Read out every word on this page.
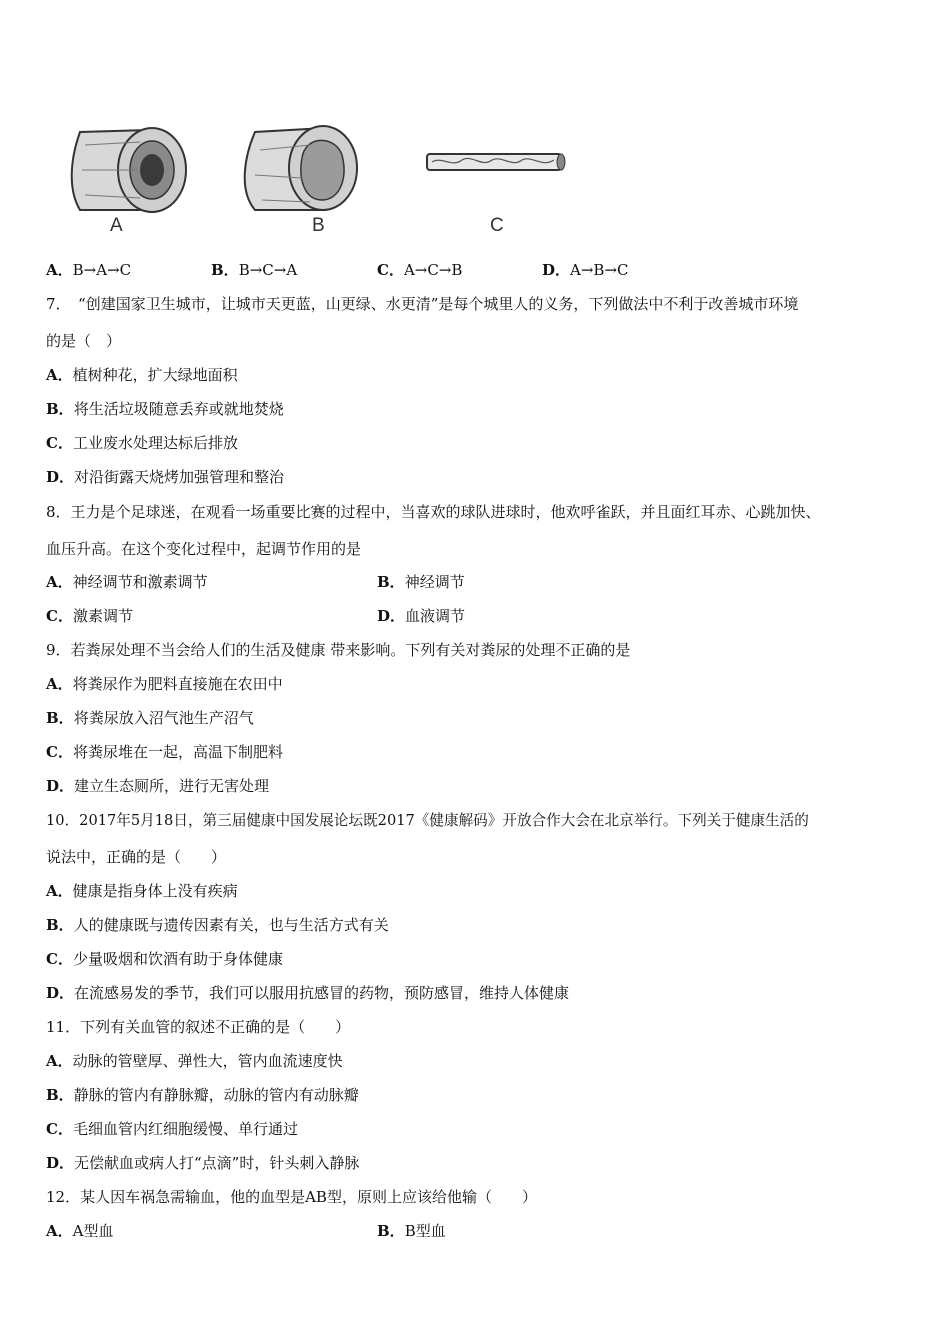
A	B	C
A．B→A→C	B．B→C→A	C．A→C→B	D．A→B→C
7．　“创建国家卫生城市，让城市天更蓝，山更绿、水更清”是每个城里人的义务，下列做法中不利于改善城市环境
的是（　）
A．植树种花，扩大绿地面积
B．将生活垃圾随意丢弃或就地焚烧
C．工业废水处理达标后排放
D．对沿街露天烧烤加强管理和整治
8．王力是个足球迷，在观看一场重要比赛的过程中，当喜欢的球队进球时，他欢呼雀跃，并且面红耳赤、心跳加快、
血压升高。在这个变化过程中，起调节作用的是
A．神经调节和激素调节	B．神经调节
C．激素调节	D．血液调节
9．若粪尿处理不当会给人们的生活及健康 带来影响。下列有关对粪尿的处理不正确的是
A．将粪尿作为肥料直接施在农田中
B．将粪尿放入沼气池生产沼气
C．将粪尿堆在一起，高温下制肥料
D．建立生态厕所，进行无害处理
10．2017年5月18日，第三届健康中国发展论坛既2017《健康解码》开放合作大会在北京举行。下列关于健康生活的
说法中，正确的是（　　）
A．健康是指身体上没有疾病
B．人的健康既与遗传因素有关，也与生活方式有关
C．少量吸烟和饮酒有助于身体健康
D．在流感易发的季节，我们可以服用抗感冒的药物，预防感冒，维持人体健康
11．下列有关血管的叙述不正确的是（　　）
A．动脉的管壁厚、弹性大，管内血流速度快
B．静脉的管内有静脉瓣，动脉的管内有动脉瓣
C．毛细血管内红细胞缓慢、单行通过
D．无偿献血或病人打“点滴”时，针头刺入静脉
12．某人因车祸急需输血，他的血型是AB型，原则上应该给他输（　　）
A．A型血	B．B型血
